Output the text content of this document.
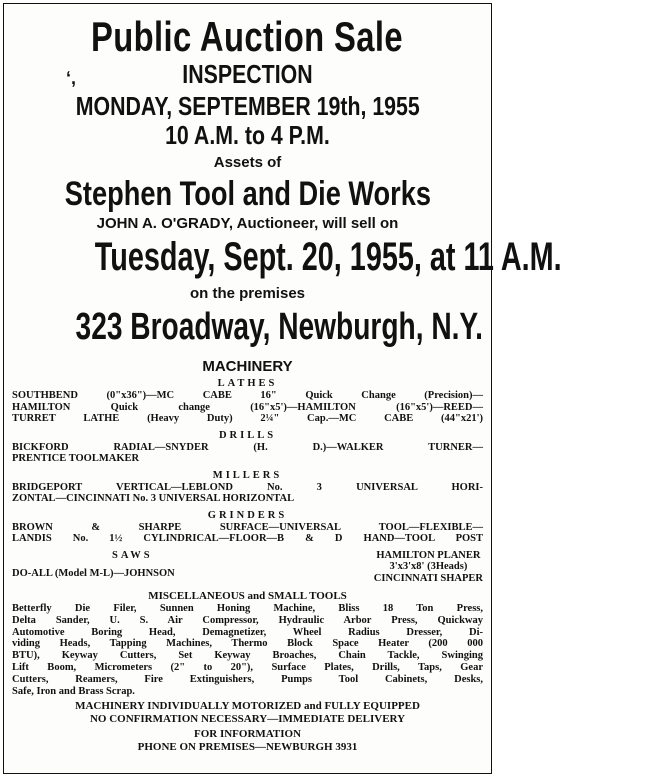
Public Auction Sale
ʻ,	INSPECTION
MONDAY, SEPTEMBER 19th, 1955
10 A.M. to 4 P.M.
Assets of
Stephen Tool and Die Works
JOHN A. O'GRADY, Auctioneer, will sell on
Tuesday, Sept. 20, 1955, at 11 A.M.
on the premises
323 Broadway, Newburgh, N.Y.
MACHINERY
LATHES
SOUTHBEND (0"x36")—MC CABE 16" Quick Change (Precision)—
HAMILTON Quick change (16"x5')—HAMILTON (16"x5')—REED—
TURRET LATHE (Heavy Duty) 2¼" Cap.—MC CABE (44"x21')
DRILLS
BICKFORD RADIAL—SNYDER (H. D.)—WALKER TURNER—
PRENTICE TOOLMAKER
MILLERS
BRIDGEPORT VERTICAL—LEBLOND No. 3 UNIVERSAL HORI-
ZONTAL—CINCINNATI No. 3 UNIVERSAL HORIZONTAL
GRINDERS
BROWN & SHARPE SURFACE—UNIVERSAL TOOL—FLEXIBLE—
LANDIS No. 1½ CYLINDRICAL—FLOOR—B & D HAND—TOOL POST
SAWS
DO-ALL (Model M-L)—JOHNSON
HAMILTON PLANER
3'x3'x8' (3Heads)
CINCINNATI SHAPER
MISCELLANEOUS and SMALL TOOLS
Betterfly Die Filer, Sunnen Honing Machine, Bliss 18 Ton Press,
Delta Sander, U. S. Air Compressor, Hydraulic Arbor Press, Quickway
Automotive Boring Head, Demagnetizer, Wheel Radius Dresser, Di-
viding Heads, Tapping Machines, Thermo Block Space Heater (200 000
BTU), Keyway Cutters, Set Keyway Broaches, Chain Tackle, Swinging
Lift Boom, Micrometers (2" to 20"), Surface Plates, Drills, Taps, Gear
Cutters, Reamers, Fire Extinguishers, Pumps Tool Cabinets, Desks,
Safe, Iron and Brass Scrap.
MACHINERY INDIVIDUALLY MOTORIZED and FULLY EQUIPPED
NO CONFIRMATION NECESSARY—IMMEDIATE DELIVERY
FOR INFORMATION
PHONE ON PREMISES—NEWBURGH 3931
